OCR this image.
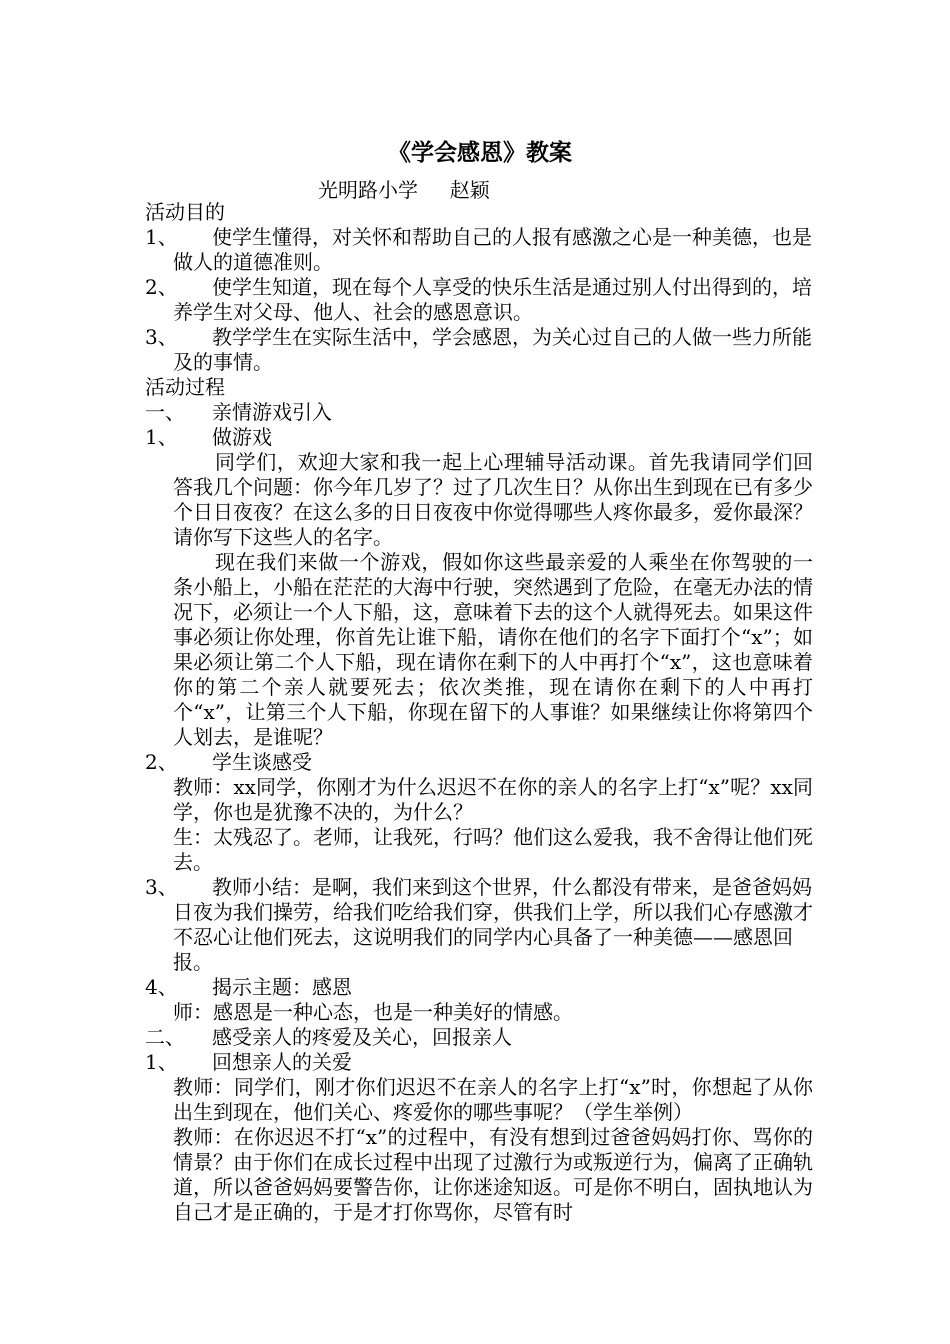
《学会感恩》教案
光明路小学     赵颖
活动目的
1、 使学生懂得，对关怀和帮助自己的人报有感激之心是一种美德，也是做人的道德准则。
2、 使学生知道，现在每个人享受的快乐生活是通过别人付出得到的，培养学生对父母、他人、社会的感恩意识。
3、 教学学生在实际生活中，学会感恩，为关心过自己的人做一些力所能及的事情。
活动过程
一、 亲情游戏引入
1、 做游戏
同学们，欢迎大家和我一起上心理辅导活动课。首先我请同学们回答我几个问题：你今年几岁了？过了几次生日？从你出生到现在已有多少个日日夜夜？在这么多的日日夜夜中你觉得哪些人疼你最多，爱你最深？请你写下这些人的名字。
现在我们来做一个游戏，假如你这些最亲爱的人乘坐在你驾驶的一条小船上，小船在茫茫的大海中行驶，突然遇到了危险，在毫无办法的情况下，必须让一个人下船，这，意味着下去的这个人就得死去。如果这件事必须让你处理，你首先让谁下船，请你在他们的名字下面打个“x”；如果必须让第二个人下船，现在请你在剩下的人中再打个“x”，这也意味着你的第二个亲人就要死去；依次类推，现在请你在剩下的人中再打个“x”，让第三个人下船，你现在留下的人事谁？如果继续让你将第四个人划去，是谁呢？
2、 学生谈感受
教师：xx同学，你刚才为什么迟迟不在你的亲人的名字上打“x”呢？xx同学，你也是犹豫不决的，为什么？
生：太残忍了。老师，让我死，行吗？他们这么爱我，我不舍得让他们死去。
3、 教师小结：是啊，我们来到这个世界，什么都没有带来，是爸爸妈妈日夜为我们操劳，给我们吃给我们穿，供我们上学，所以我们心存感激才不忍心让他们死去，这说明我们的同学内心具备了一种美德——感恩回报。
4、 揭示主题：感恩
师：感恩是一种心态，也是一种美好的情感。
二、 感受亲人的疼爱及关心，回报亲人
1、 回想亲人的关爱
教师：同学们，刚才你们迟迟不在亲人的名字上打“x”时，你想起了从你出生到现在，他们关心、疼爱你的哪些事呢？（学生举例）
教师：在你迟迟不打“x”的过程中，有没有想到过爸爸妈妈打你、骂你的情景？由于你们在成长过程中出现了过激行为或叛逆行为，偏离了正确轨道，所以爸爸妈妈要警告你，让你迷途知返。可是你不明白，固执地认为自己才是正确的，于是才打你骂你，尽管有时
